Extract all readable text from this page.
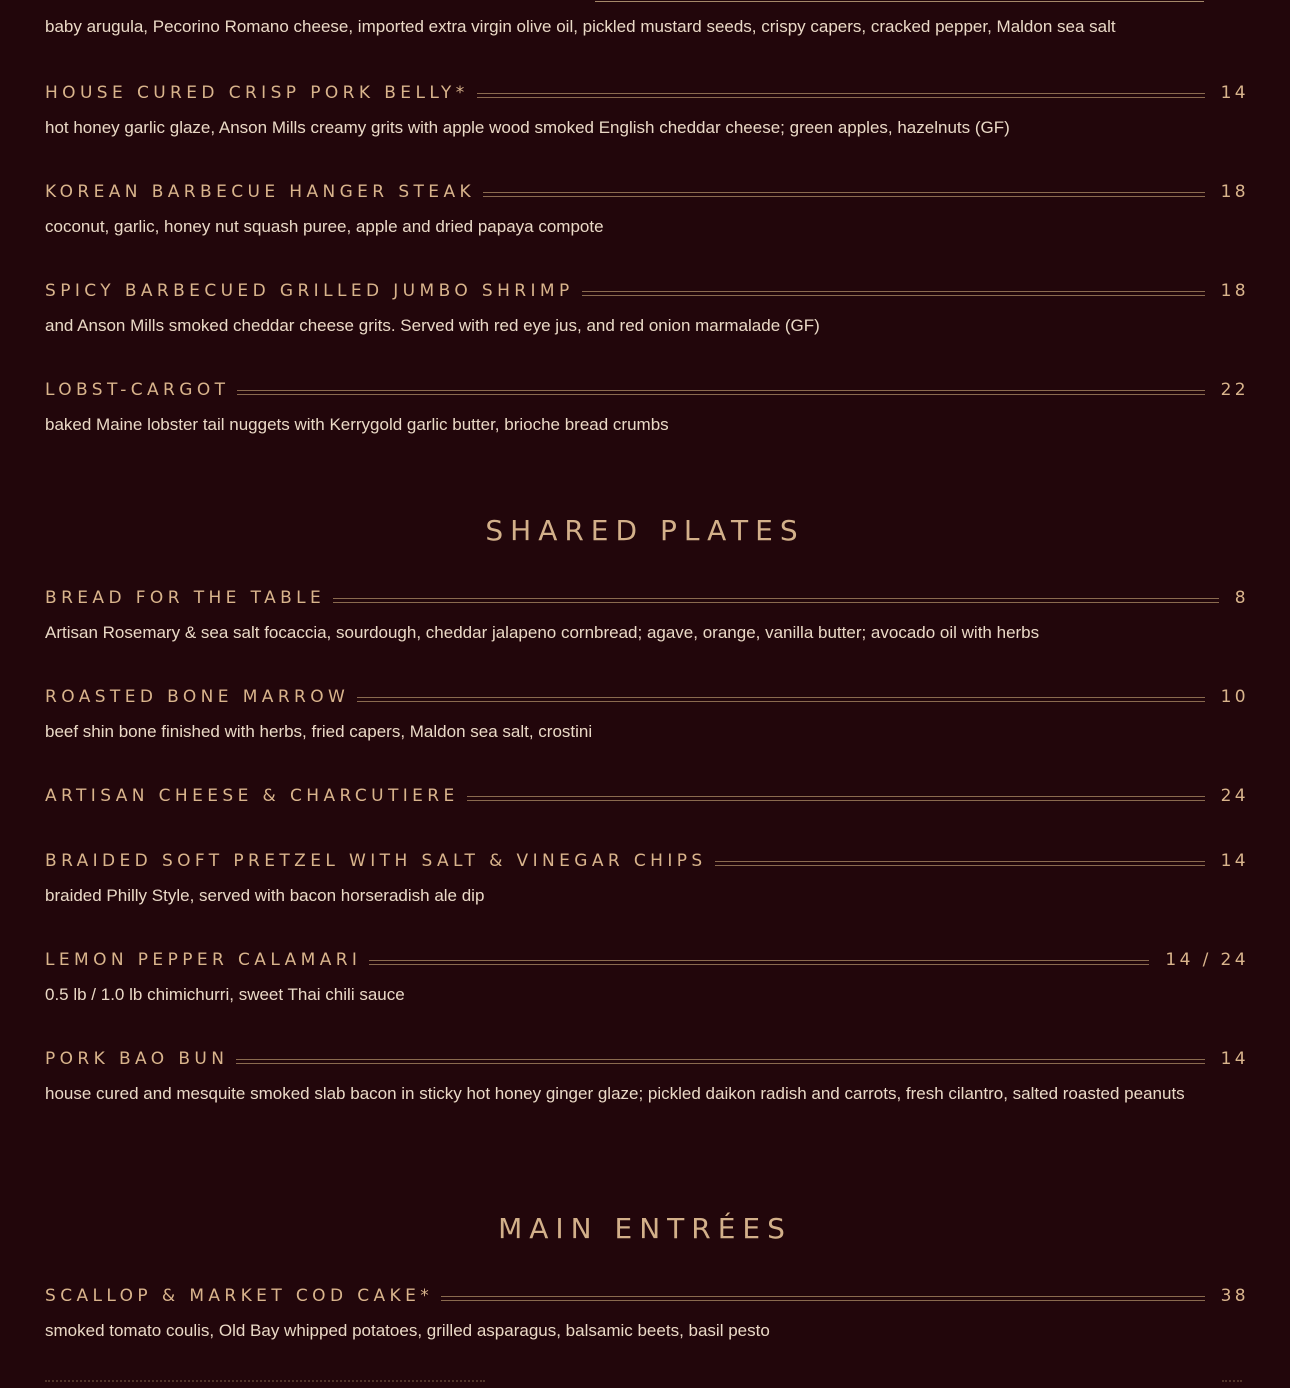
baby arugula, Pecorino Romano cheese, imported extra virgin olive oil, pickled mustard seeds, crispy capers, cracked pepper, Maldon sea salt
HOUSE CURED CRISP PORK BELLY*	14
hot honey garlic glaze, Anson Mills creamy grits with apple wood smoked English cheddar cheese; green apples, hazelnuts (GF)
KOREAN BARBECUE HANGER STEAK	18
coconut, garlic, honey nut squash puree, apple and dried papaya compote
SPICY BARBECUED GRILLED JUMBO SHRIMP	18
and Anson Mills smoked cheddar cheese grits. Served with red eye jus, and red onion marmalade (GF)
LOBST-CARGOT	22
baked Maine lobster tail nuggets with Kerrygold garlic butter, brioche bread crumbs
SHARED PLATES
BREAD FOR THE TABLE	8
Artisan Rosemary & sea salt focaccia, sourdough, cheddar jalapeno cornbread; agave, orange, vanilla butter; avocado oil with herbs
ROASTED BONE MARROW	10
beef shin bone finished with herbs, fried capers, Maldon sea salt, crostini
ARTISAN CHEESE & CHARCUTIERE	24
BRAIDED SOFT PRETZEL WITH SALT & VINEGAR CHIPS	14
braided Philly Style, served with bacon horseradish ale dip
LEMON PEPPER CALAMARI	14 / 24
0.5 lb / 1.0 lb chimichurri, sweet Thai chili sauce
PORK BAO BUN	14
house cured and mesquite smoked slab bacon in sticky hot honey ginger glaze; pickled daikon radish and carrots, fresh cilantro, salted roasted peanuts
MAIN ENTRÉES
SCALLOP & MARKET COD CAKE*	38
smoked tomato coulis, Old Bay whipped potatoes, grilled asparagus, balsamic beets, basil pesto
